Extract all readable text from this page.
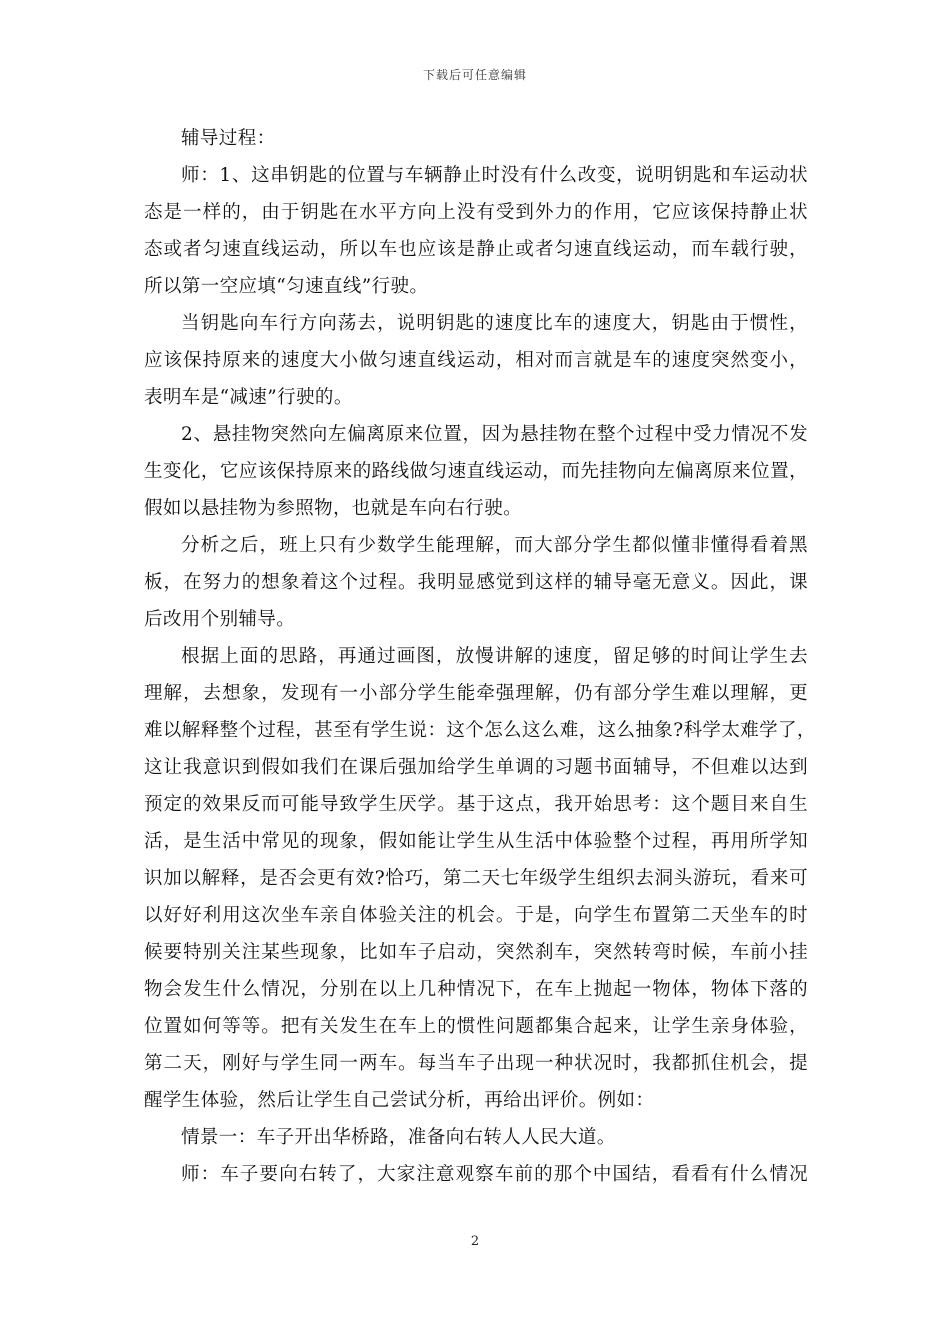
下载后可任意编辑
辅导过程：
师：1、这串钥匙的位置与车辆静止时没有什么改变，说明钥匙和车运动状
态是一样的，由于钥匙在水平方向上没有受到外力的作用，它应该保持静止状
态或者匀速直线运动，所以车也应该是静止或者匀速直线运动，而车载行驶，
所以第一空应填“匀速直线”行驶。
当钥匙向车行方向荡去，说明钥匙的速度比车的速度大，钥匙由于惯性，
应该保持原来的速度大小做匀速直线运动，相对而言就是车的速度突然变小，
表明车是“减速”行驶的。
2、悬挂物突然向左偏离原来位置，因为悬挂物在整个过程中受力情况不发
生变化，它应该保持原来的路线做匀速直线运动，而先挂物向左偏离原来位置，
假如以悬挂物为参照物，也就是车向右行驶。
分析之后，班上只有少数学生能理解，而大部分学生都似懂非懂得看着黑
板，在努力的想象着这个过程。我明显感觉到这样的辅导毫无意义。因此，课
后改用个别辅导。
根据上面的思路，再通过画图，放慢讲解的速度，留足够的时间让学生去
理解，去想象，发现有一小部分学生能牵强理解，仍有部分学生难以理解，更
难以解释整个过程，甚至有学生说：这个怎么这么难，这么抽象?科学太难学了，
这让我意识到假如我们在课后强加给学生单调的习题书面辅导，不但难以达到
预定的效果反而可能导致学生厌学。基于这点，我开始思考：这个题目来自生
活，是生活中常见的现象，假如能让学生从生活中体验整个过程，再用所学知
识加以解释，是否会更有效?恰巧，第二天七年级学生组织去洞头游玩，看来可
以好好利用这次坐车亲自体验关注的机会。于是，向学生布置第二天坐车的时
候要特别关注某些现象，比如车子启动，突然刹车，突然转弯时候，车前小挂
物会发生什么情况，分别在以上几种情况下，在车上抛起一物体，物体下落的
位置如何等等。把有关发生在车上的惯性问题都集合起来，让学生亲身体验，
第二天，刚好与学生同一两车。每当车子出现一种状况时，我都抓住机会，提
醒学生体验，然后让学生自己尝试分析，再给出评价。例如：
情景一：车子开出华桥路，准备向右转人人民大道。
师：车子要向右转了，大家注意观察车前的那个中国结，看看有什么情况
2
